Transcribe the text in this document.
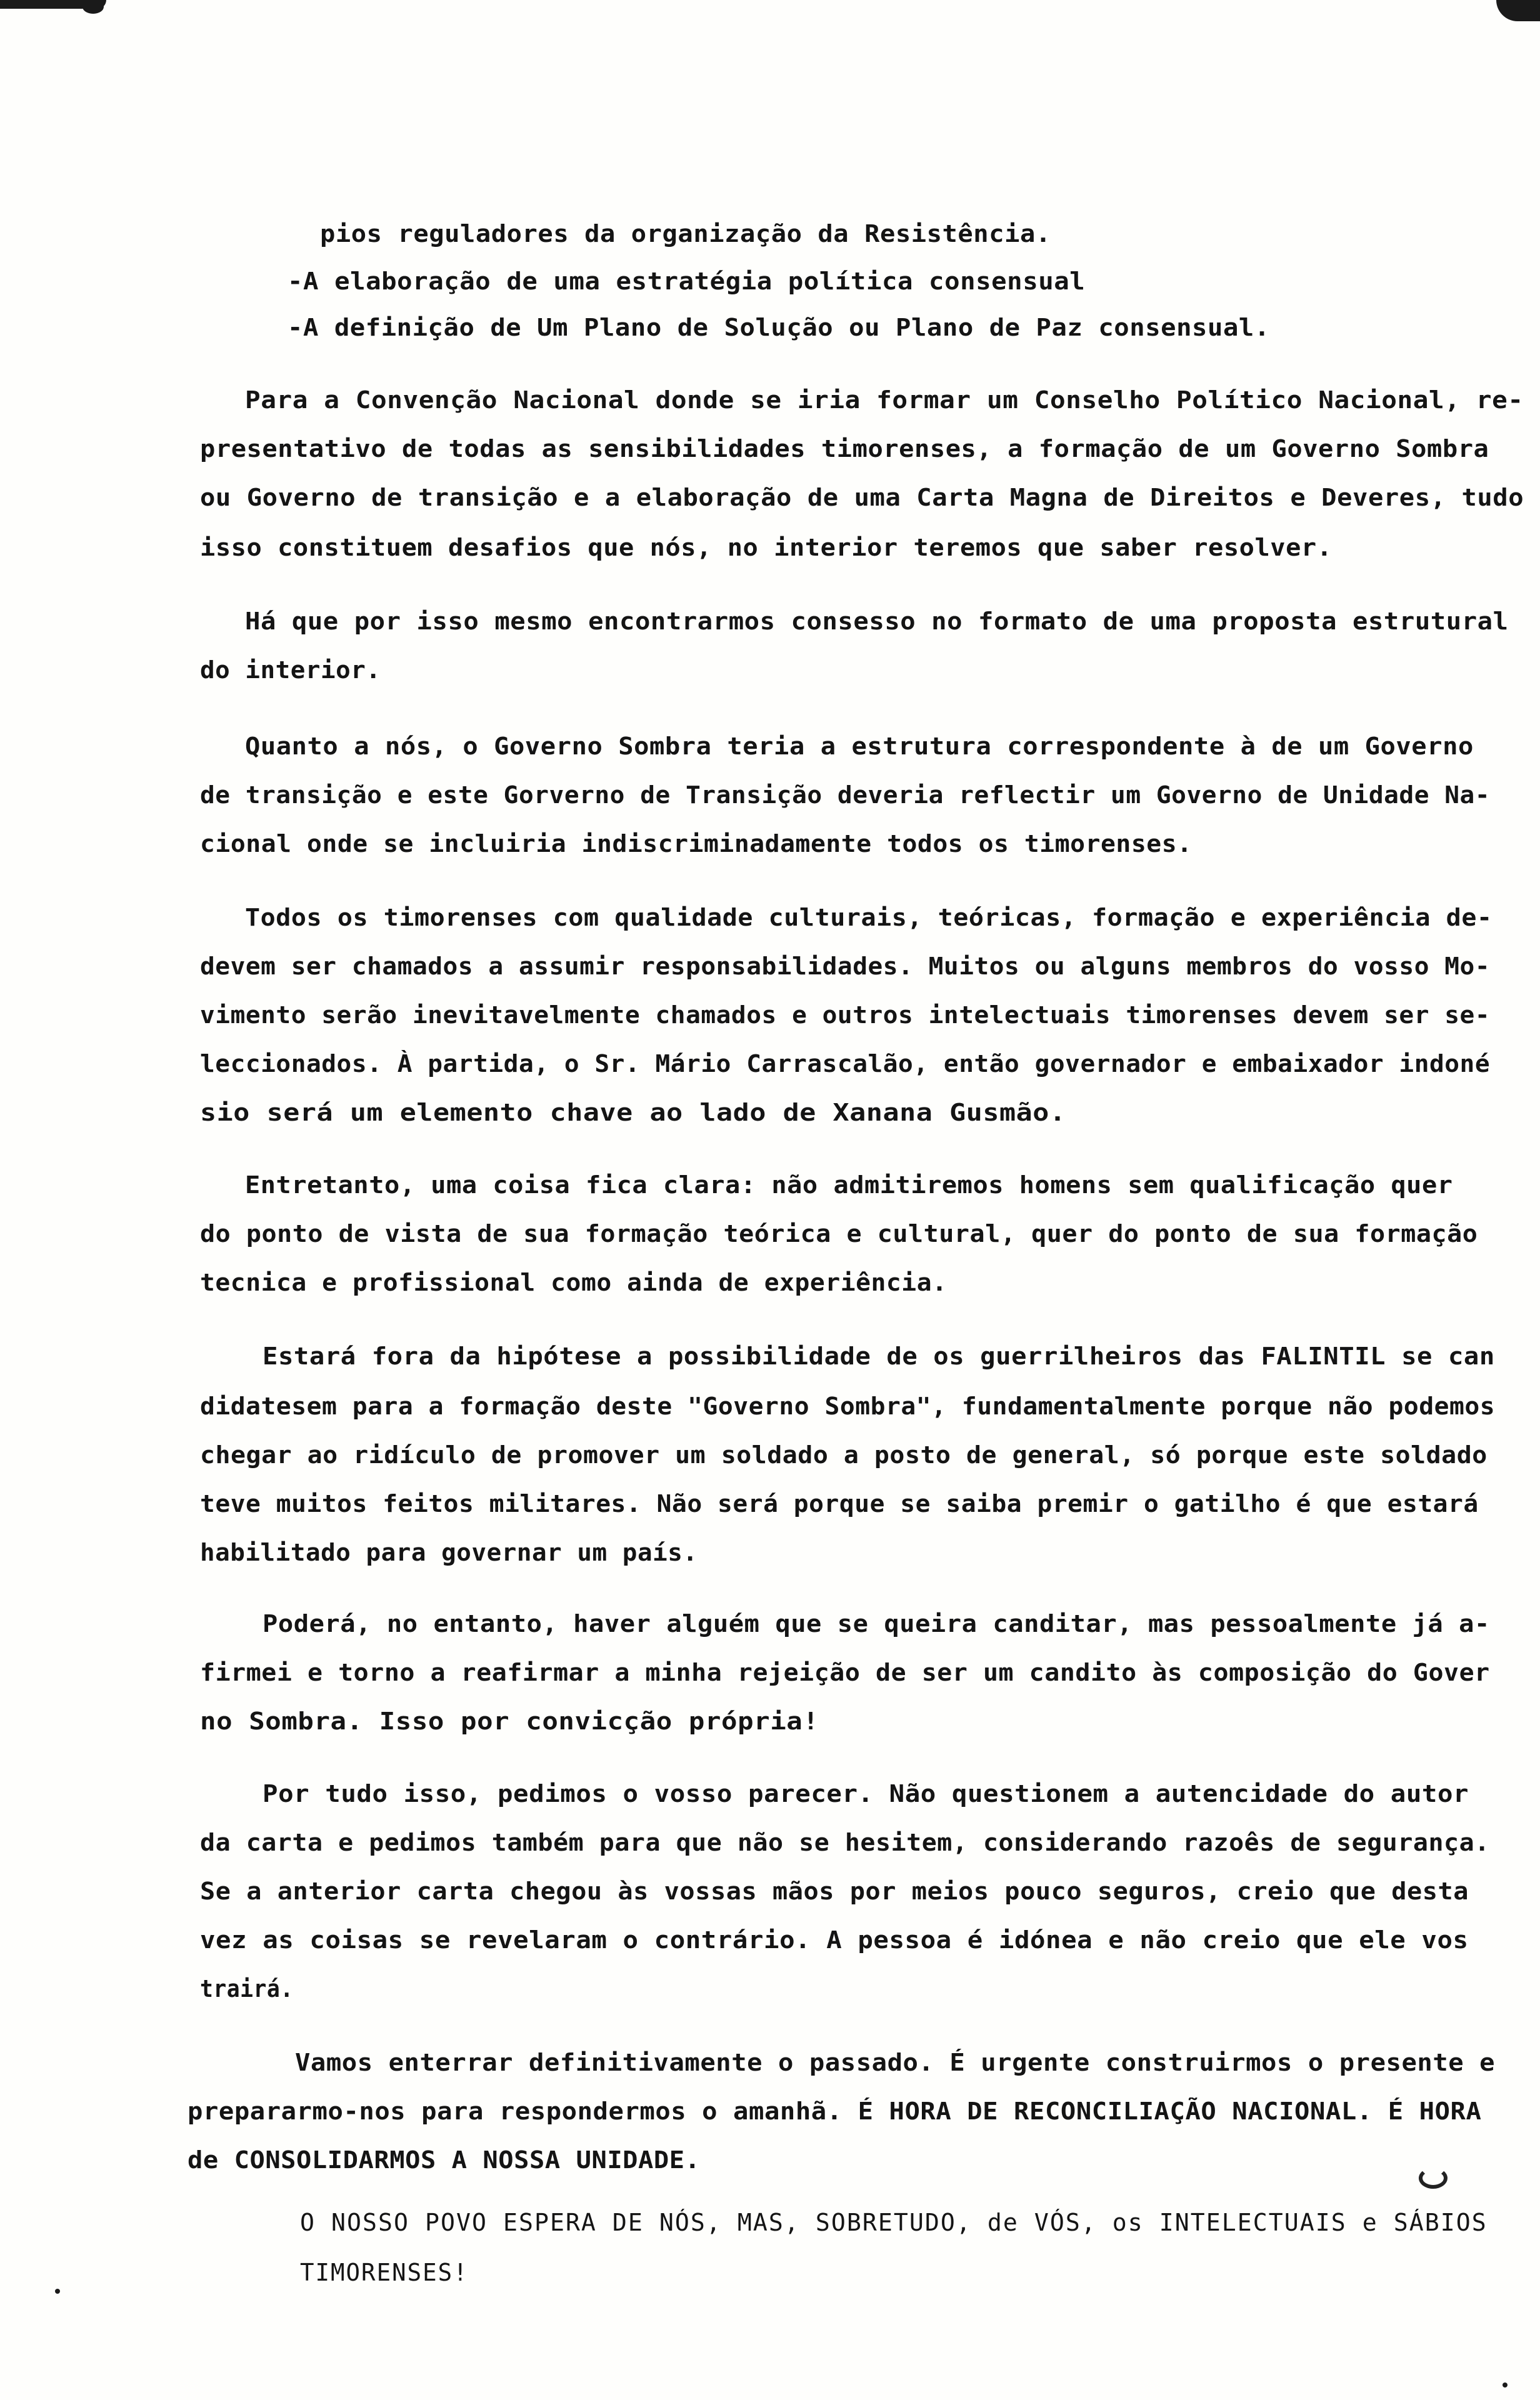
pios reguladores da organização da Resistência.
-A elaboração de uma estratégia política consensual
-A definição de Um Plano de Solução ou Plano de Paz consensual.
Para a Convenção Nacional donde se iria formar um Conselho Político Nacional, re-
presentativo de todas as sensibilidades timorenses, a formação de um Governo Sombra
ou Governo de transição e a elaboração de uma Carta Magna de Direitos e Deveres, tudo
isso constituem desafios que nós, no interior teremos que saber resolver.
Há que por isso mesmo encontrarmos consesso no formato de uma proposta estrutural
do interior.
Quanto a nós, o Governo Sombra teria a estrutura correspondente à de um Governo
de transição e este Gorverno de Transição deveria reflectir um Governo de Unidade Na-
cional onde se incluiria indiscriminadamente todos os timorenses.
Todos os timorenses com qualidade culturais, teóricas, formação e experiência de-
devem ser chamados a assumir responsabilidades. Muitos ou alguns membros do vosso Mo-
vimento serão inevitavelmente chamados e outros intelectuais timorenses devem ser se-
leccionados. À partida, o Sr. Mário Carrascalão, então governador e embaixador indoné
sio será um elemento chave ao lado de Xanana Gusmão.
Entretanto, uma coisa fica clara: não admitiremos homens sem qualificação quer
do ponto de vista de sua formação teórica e cultural, quer do ponto de sua formação
tecnica e profissional como ainda de experiência.
Estará fora da hipótese a possibilidade de os guerrilheiros das FALINTIL se can
didatesem para a formação deste "Governo Sombra", fundamentalmente porque não podemos
chegar ao ridículo de promover um soldado a posto de general, só porque este soldado
teve muitos feitos militares. Não será porque se saiba premir o gatilho é que estará
habilitado para governar um país.
Poderá, no entanto, haver alguém que se queira canditar, mas pessoalmente já a-
firmei e torno a reafirmar a minha rejeição de ser um candito às composição do Gover
no Sombra. Isso por convicção própria!
Por tudo isso, pedimos o vosso parecer. Não questionem a autencidade do autor
da carta e pedimos também para que não se hesitem, considerando razoês de segurança.
Se a anterior carta chegou às vossas mãos por meios pouco seguros, creio que desta
vez as coisas se revelaram o contrário. A pessoa é idónea e não creio que ele vos
trairá.
Vamos enterrar definitivamente o passado. É urgente construirmos o presente e
prepararmo-nos para respondermos o amanhã. É HORA DE RECONCILIAÇÃO NACIONAL. É HORA
de CONSOLIDARMOS A NOSSA UNIDADE.
O NOSSO POVO ESPERA DE NÓS, MAS, SOBRETUDO, de VÓS, os INTELECTUAIS e SÁBIOS
TIMORENSES!
